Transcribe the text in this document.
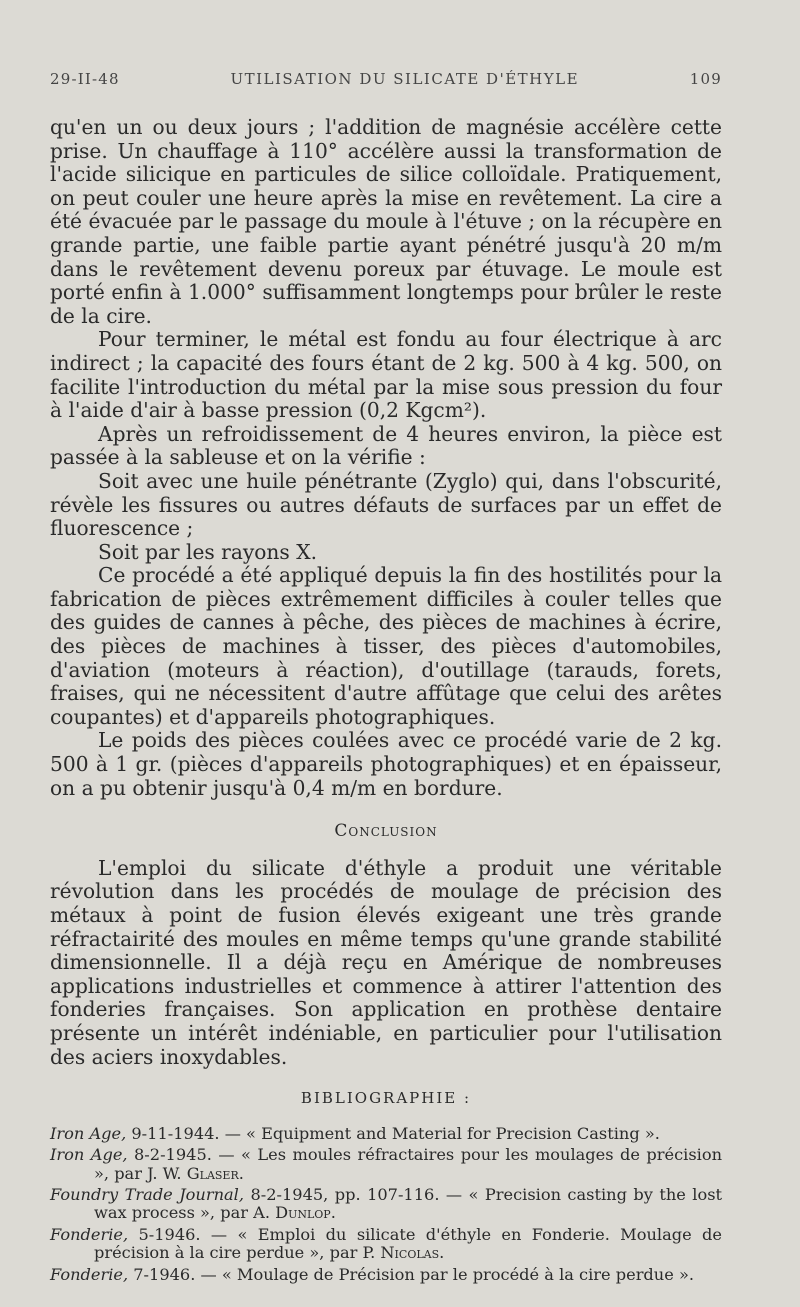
29-II-48	UTILISATION DU SILICATE D'ÉTHYLE	109

qu'en un ou deux jours ; l'addition de magnésie accélère cette prise. Un chauffage à 110° accélère aussi la transformation de l'acide silicique en particules de silice colloïdale. Pratiquement, on peut couler une heure après la mise en revêtement. La cire a été évacuée par le passage du moule à l'étuve ; on la récupère en grande partie, une faible partie ayant pénétré jusqu'à 20 m/m dans le revêtement devenu poreux par étuvage. Le moule est porté enfin à 1.000° suffisamment longtemps pour brûler le reste de la cire.

Pour terminer, le métal est fondu au four électrique à arc indirect ; la capacité des fours étant de 2 kg. 500 à 4 kg. 500, on facilite l'introduction du métal par la mise sous pression du four à l'aide d'air à basse pression (0,2 Kgcm²).

Après un refroidissement de 4 heures environ, la pièce est passée à la sableuse et on la vérifie :

Soit avec une huile pénétrante (Zyglo) qui, dans l'obscurité, révèle les fissures ou autres défauts de surfaces par un effet de fluorescence ;

Soit par les rayons X.

Ce procédé a été appliqué depuis la fin des hostilités pour la fabrication de pièces extrêmement difficiles à couler telles que des guides de cannes à pêche, des pièces de machines à écrire, des pièces de machines à tisser, des pièces d'automobiles, d'aviation (moteurs à réaction), d'outillage (tarauds, forets, fraises, qui ne nécessitent d'autre affûtage que celui des arêtes coupantes) et d'appareils photographiques.

Le poids des pièces coulées avec ce procédé varie de 2 kg. 500 à 1 gr. (pièces d'appareils photographiques) et en épaisseur, on a pu obtenir jusqu'à 0,4 m/m en bordure.

Conclusion

L'emploi du silicate d'éthyle a produit une véritable révolution dans les procédés de moulage de précision des métaux à point de fusion élevés exigeant une très grande réfractairité des moules en même temps qu'une grande stabilité dimensionnelle. Il a déjà reçu en Amérique de nombreuses applications industrielles et commence à attirer l'attention des fonderies françaises. Son application en prothèse dentaire présente un intérêt indéniable, en particulier pour l'utilisation des aciers inoxydables.

BIBLIOGRAPHIE :

Iron Age, 9-11-1944. — « Equipment and Material for Precision Casting ».

Iron Age, 8-2-1945. — « Les moules réfractaires pour les moulages de précision », par J. W. Glaser.

Foundry Trade Journal, 8-2-1945, pp. 107-116. — « Precision casting by the lost wax process », par A. Dunlop.

Fonderie, 5-1946. — « Emploi du silicate d'éthyle en Fonderie. Moulage de précision à la cire perdue », par P. Nicolas.

Fonderie, 7-1946. — « Moulage de Précision par le procédé à la cire perdue ».
